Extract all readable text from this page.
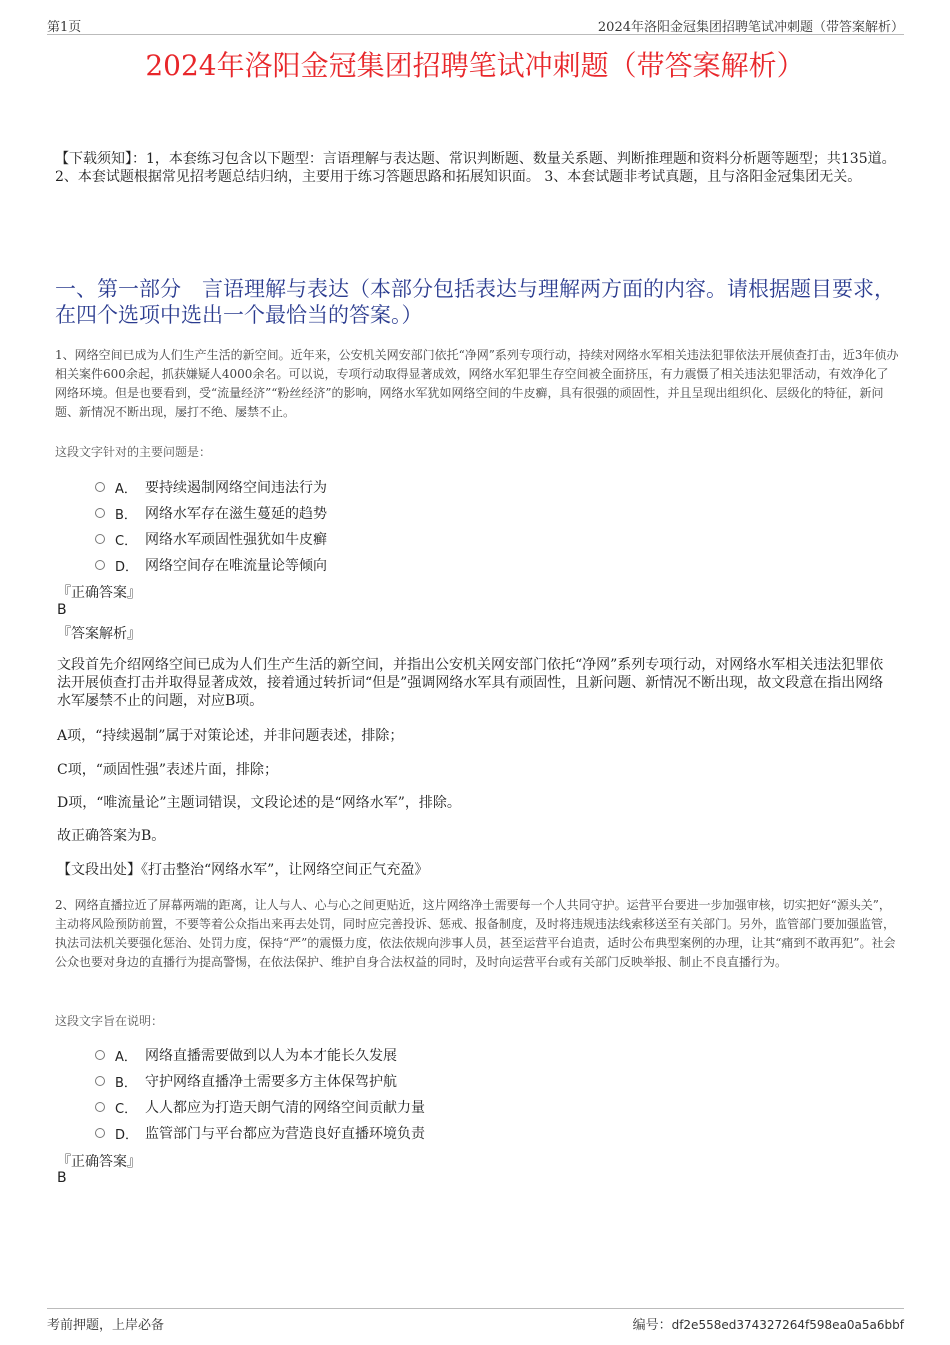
第1页	2024年洛阳金冠集团招聘笔试冲刺题（带答案解析）
2024年洛阳金冠集团招聘笔试冲刺题（带答案解析）
【下载须知】：1，本套练习包含以下题型：言语理解与表达题、常识判断题、数量关系题、判断推理题和资料分析题等题型；共135道。 2、本套试题根据常见招考题总结归纳，主要用于练习答题思路和拓展知识面。 3、本套试题非考试真题，且与洛阳金冠集团无关。
一、第一部分　言语理解与表达（本部分包括表达与理解两方面的内容。请根据题目要求，在四个选项中选出一个最恰当的答案。）
1、网络空间已成为人们生产生活的新空间。近年来，公安机关网安部门依托“净网”系列专项行动，持续对网络水军相关违法犯罪依法开展侦查打击，近3年侦办相关案件600余起，抓获嫌疑人4000余名。可以说，专项行动取得显著成效，网络水军犯罪生存空间被全面挤压，有力震慑了相关违法犯罪活动，有效净化了网络环境。但是也要看到，受“流量经济”“粉丝经济”的影响，网络水军犹如网络空间的牛皮癣，具有很强的顽固性，并且呈现出组织化、层级化的特征，新问题、新情况不断出现，屡打不绝、屡禁不止。
这段文字针对的主要问题是：
A． 要持续遏制网络空间违法行为
B． 网络水军存在滋生蔓延的趋势
C． 网络水军顽固性强犹如牛皮癣
D． 网络空间存在唯流量论等倾向
『正确答案』
B
『答案解析』
文段首先介绍网络空间已成为人们生产生活的新空间，并指出公安机关网安部门依托“净网”系列专项行动，对网络水军相关违法犯罪依法开展侦查打击并取得显著成效，接着通过转折词“但是”强调网络水军具有顽固性，且新问题、新情况不断出现，故文段意在指出网络水军屡禁不止的问题，对应B项。
A项，“持续遏制”属于对策论述，并非问题表述，排除；
C项，“顽固性强”表述片面，排除；
D项，“唯流量论”主题词错误，文段论述的是“网络水军”，排除。
故正确答案为B。
【文段出处】《打击整治“网络水军”，让网络空间正气充盈》
2、网络直播拉近了屏幕两端的距离，让人与人、心与心之间更贴近，这片网络净土需要每一个人共同守护。运营平台要进一步加强审核，切实把好“源头关”，主动将风险预防前置，不要等着公众指出来再去处罚，同时应完善投诉、惩戒、报备制度，及时将违规违法线索移送至有关部门。另外，监管部门要加强监管，执法司法机关要强化惩治、处罚力度，保持“严”的震慑力度，依法依规向涉事人员，甚至运营平台追责，适时公布典型案例的办理，让其“痛到不敢再犯”。社会公众也要对身边的直播行为提高警惕，在依法保护、维护自身合法权益的同时，及时向运营平台或有关部门反映举报、制止不良直播行为。
这段文字旨在说明：
A． 网络直播需要做到以人为本才能长久发展
B． 守护网络直播净土需要多方主体保驾护航
C． 人人都应为打造天朗气清的网络空间贡献力量
D． 监管部门与平台都应为营造良好直播环境负责
『正确答案』
B
考前押题，上岸必备	编号：df2e558ed374327264f598ea0a5a6bbf
